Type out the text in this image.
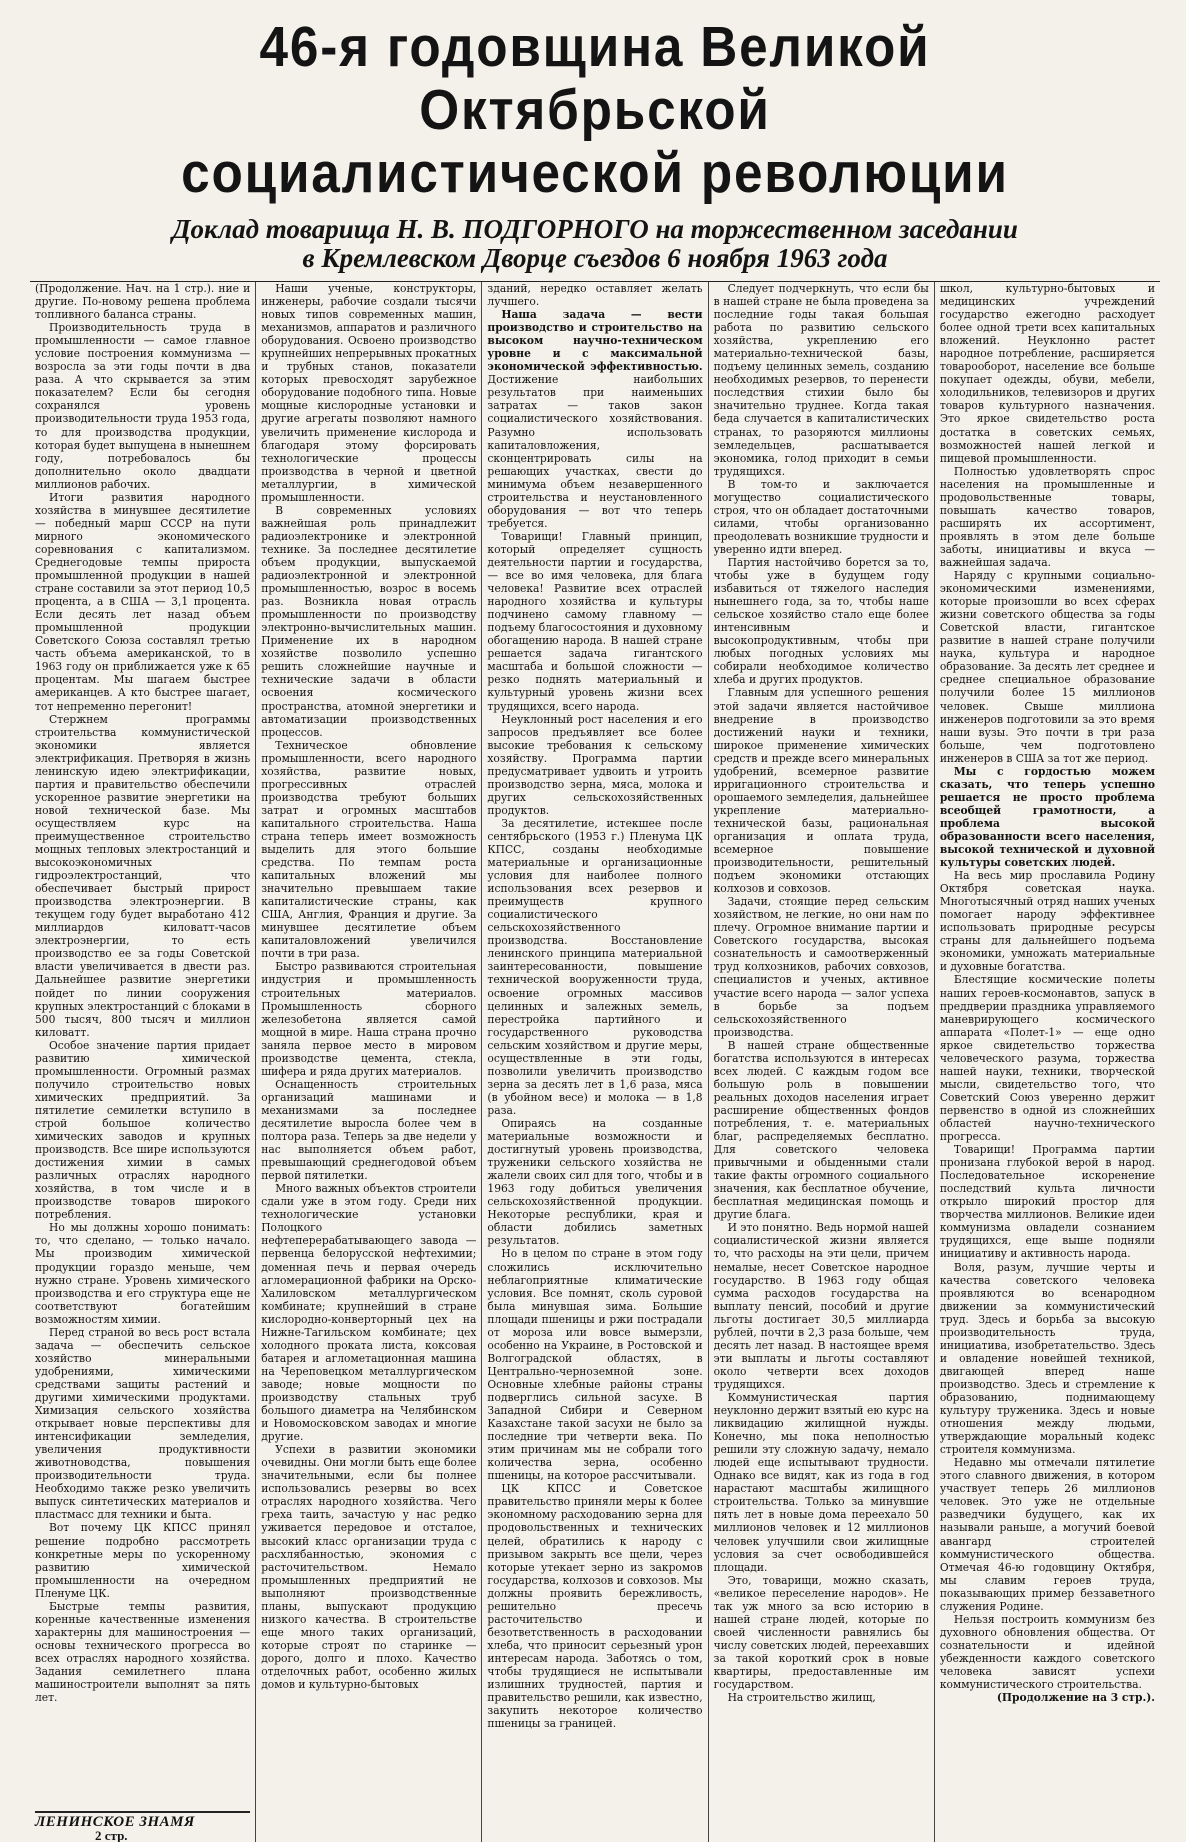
46-я годовщина Великой Октябрьской
социалистической революции
Доклад товарища Н. В. ПОДГОРНОГО на торжественном заседании
в Кремлевском Дворце съездов 6 ноября 1963 года

(Продолжение. Нач. на 1 стр.). ние и другие. По-новому решена проблема топливного баланса страны.

Производительность труда в промышленности — самое главное условие построения коммунизма — возросла за эти годы почти в два раза. А что скрывается за этим показателем? Если бы сегодня сохранялся уровень производительности труда 1953 года, то для производства продукции, которая будет выпущена в нынешнем году, потребовалось бы дополнительно около двадцати миллионов рабочих.

Итоги развития народного хозяйства в минувшее десятилетие — победный марш СССР на пути мирного экономического соревнования с капитализмом. Среднегодовые темпы прироста промышленной продукции в нашей стране составили за этот период 10,5 процента, а в США — 3,1 процента. Если десять лет назад объем промышленной продукции Советского Союза составлял третью часть объема американской, то в 1963 году он приближается уже к 65 процентам. Мы шагаем быстрее американцев. А кто быстрее шагает, тот непременно перегонит!

Стержнем программы строительства коммунистической экономики является электрификация. Претворяя в жизнь ленинскую идею электрификации, партия и правительство обеспечили ускоренное развитие энергетики на новой технической базе. Мы осуществляем курс на преимущественное строительство мощных тепловых электростанций и высокоэкономичных гидроэлектростанций, что обеспечивает быстрый прирост производства электроэнергии. В текущем году будет выработано 412 миллиардов киловатт-часов электроэнергии, то есть производство ее за годы Советской власти увеличивается в двести раз. Дальнейшее развитие энергетики пойдет по линии сооружения крупных электростанций с блоками в 500 тысяч, 800 тысяч и миллион киловатт.

Особое значение партия придает развитию химической промышленности. Огромный размах получило строительство новых химических предприятий. За пятилетие семилетки вступило в строй большое количество химических заводов и крупных производств. Все шире используются достижения химии в самых различных отраслях народного хозяйства, в том числе и в производстве товаров широкого потребления.

Но мы должны хорошо понимать: то, что сделано, — только начало. Мы производим химической продукции гораздо меньше, чем нужно стране. Уровень химического производства и его структура еще не соответствуют богатейшим возможностям химии.

Перед страной во весь рост встала задача — обеспечить сельское хозяйство минеральными удобрениями, химическими средствами защиты растений и другими химическими продуктами. Химизация сельского хозяйства открывает новые перспективы для интенсификации земледелия, увеличения продуктивности животноводства, повышения производительности труда. Необходимо также резко увеличить выпуск синтетических материалов и пластмасс для техники и быта.

Вот почему ЦК КПСС принял решение подробно рассмотреть конкретные меры по ускоренному развитию химической промышленности на очередном Пленуме ЦК.

Быстрые темпы развития, коренные качественные изменения характерны для машиностроения — основы технического прогресса во всех отраслях народного хозяйства. Задания семилетнего плана машиностроители выполнят за пять лет.

ЛЕНИНСКОЕ ЗНАМЯ
2 стр.

Наши ученые, конструкторы, инженеры, рабочие создали тысячи новых типов современных машин, механизмов, аппаратов и различного оборудования. Освоено производство крупнейших непрерывных прокатных и трубных станов, показатели которых превосходят зарубежное оборудование подобного типа. Новые мощные кислородные установки и другие агрегаты позволяют намного увеличить применение кислорода и благодаря этому форсировать технологические процессы производства в черной и цветной металлургии, в химической промышленности.

В современных условиях важнейшая роль принадлежит радиоэлектронике и электронной технике. За последнее десятилетие объем продукции, выпускаемой радиоэлектронной и электронной промышленностью, возрос в восемь раз. Возникла новая отрасль промышленности по производству электронно-вычислительных машин. Применение их в народном хозяйстве позволило успешно решить сложнейшие научные и технические задачи в области освоения космического пространства, атомной энергетики и автоматизации производственных процессов.

Техническое обновление промышленности, всего народного хозяйства, развитие новых, прогрессивных отраслей производства требуют больших затрат и огромных масштабов капитального строительства. Наша страна теперь имеет возможность выделить для этого большие средства. По темпам роста капитальных вложений мы значительно превышаем такие капиталистические страны, как США, Англия, Франция и другие. За минувшее десятилетие объем капиталовложений увеличился почти в три раза.

Быстро развиваются строительная индустрия и промышленность строительных материалов. Промышленность сборного железобетона является самой мощной в мире. Наша страна прочно заняла первое место в мировом производстве цемента, стекла, шифера и ряда других материалов.

Оснащенность строительных организаций машинами и механизмами за последнее десятилетие выросла более чем в полтора раза. Теперь за две недели у нас выполняется объем работ, превышающий среднегодовой объем первой пятилетки.

Много важных объектов строители сдали уже в этом году. Среди них технологические установки Полоцкого нефтеперерабатывающего завода — первенца белорусской нефтехимии; доменная печь и первая очередь агломерационной фабрики на Орско-Халиловском металлургическом комбинате; крупнейший в стране кислородно-конверторный цех на Нижне-Тагильском комбинате; цех холодного проката листа, коксовая батарея и аглометационная машина на Череповецком металлургическом заводе; новые мощности по производству стальных труб большого диаметра на Челябинском и Новомосковском заводах и многие другие.

Успехи в развитии экономики очевидны. Они могли быть еще более значительными, если бы полнее использовались резервы во всех отраслях народного хозяйства. Чего греха таить, зачастую у нас редко уживается передовое и отсталое, высокий класс организации труда с расхлябанностью, экономия с расточительством. Немало промышленных предприятий не выполняют производственные планы, выпускают продукцию низкого качества. В строительстве еще много таких организаций, которые строят по старинке — дорого, долго и плохо. Качество отделочных работ, особенно жилых домов и культурно-бытовых

зданий, нередко оставляет желать лучшего.

Наша задача — вести производство и строительство на высоком научно-техническом уровне и с максимальной экономической эффективностью. Достижение наибольших результатов при наименьших затратах — таков закон социалистического хозяйствования. Разумно использовать капиталовложения, сконцентрировать силы на решающих участках, свести до минимума объем незавершенного строительства и неустановленного оборудования — вот что теперь требуется.

Товарищи! Главный принцип, который определяет сущность деятельности партии и государства, — все во имя человека, для блага человека! Развитие всех отраслей народного хозяйства и культуры подчинено самому главному — подъему благосостояния и духовному обогащению народа. В нашей стране решается задача гигантского масштаба и большой сложности — резко поднять материальный и культурный уровень жизни всех трудящихся, всего народа.

Неуклонный рост населения и его запросов предъявляет все более высокие требования к сельскому хозяйству. Программа партии предусматривает удвоить и утроить производство зерна, мяса, молока и других сельскохозяйственных продуктов.

За десятилетие, истекшее после сентябрьского (1953 г.) Пленума ЦК КПСС, созданы необходимые материальные и организационные условия для наиболее полного использования всех резервов и преимуществ крупного социалистического сельскохозяйственного производства. Восстановление ленинского принципа материальной заинтересованности, повышение технической вооруженности труда, освоение огромных массивов целинных и залежных земель, перестройка партийного и государственного руководства сельским хозяйством и другие меры, осуществленные в эти годы, позволили увеличить производство зерна за десять лет в 1,6 раза, мяса (в убойном весе) и молока — в 1,8 раза.

Опираясь на созданные материальные возможности и достигнутый уровень производства, труженики сельского хозяйства не жалели своих сил для того, чтобы и в 1963 году добиться увеличения сельскохозяйственной продукции. Некоторые республики, края и области добились заметных результатов.

Но в целом по стране в этом году сложились исключительно неблагоприятные климатические условия. Все помнят, сколь суровой была минувшая зима. Большие площади пшеницы и ржи пострадали от мороза или вовсе вымерзли, особенно на Украине, в Ростовской и Волгоградской областях, в Центрально-черноземной зоне. Основные хлебные районы страны подверглись сильной засухе. В Западной Сибири и Северном Казахстане такой засухи не было за последние три четверти века. По этим причинам мы не собрали того количества зерна, особенно пшеницы, на которое рассчитывали.

ЦК КПСС и Советское правительство приняли меры к более экономному расходованию зерна для продовольственных и технических целей, обратились к народу с призывом закрыть все щели, через которые утекает зерно из закромов государства, колхозов и совхозов. Мы должны проявить бережливость, решительно пресечь расточительство и безответственность в расходовании хлеба, что приносит серьезный урон интересам народа. Заботясь о том, чтобы трудящиеся не испытывали излишних трудностей, партия и правительство решили, как известно, закупить некоторое количество пшеницы за границей.

Следует подчеркнуть, что если бы в нашей стране не была проведена за последние годы такая большая работа по развитию сельского хозяйства, укреплению его материально-технической базы, подъему целинных земель, созданию необходимых резервов, то перенести последствия стихии было бы значительно труднее. Когда такая беда случается в капиталистических странах, то разоряются миллионы земледельцев, расшатывается экономика, голод приходит в семьи трудящихся.

В том-то и заключается могущество социалистического строя, что он обладает достаточными силами, чтобы организованно преодолевать возникшие трудности и уверенно идти вперед.

Партия настойчиво борется за то, чтобы уже в будущем году избавиться от тяжелого наследия нынешнего года, за то, чтобы наше сельское хозяйство стало еще более интенсивным и высокопродуктивным, чтобы при любых погодных условиях мы собирали необходимое количество хлеба и других продуктов.

Главным для успешного решения этой задачи является настойчивое внедрение в производство достижений науки и техники, широкое применение химических средств и прежде всего минеральных удобрений, всемерное развитие ирригационного строительства и орошаемого земледелия, дальнейшее укрепление материально-технической базы, рациональная организация и оплата труда, всемерное повышение производительности, решительный подъем экономики отстающих колхозов и совхозов.

Задачи, стоящие перед сельским хозяйством, не легкие, но они нам по плечу. Огромное внимание партии и Советского государства, высокая сознательность и самоотверженный труд колхозников, рабочих совхозов, специалистов и ученых, активное участие всего народа — залог успеха в борьбе за подъем сельскохозяйственного производства.

В нашей стране общественные богатства используются в интересах всех людей. С каждым годом все большую роль в повышении реальных доходов населения играет расширение общественных фондов потребления, т. е. материальных благ, распределяемых бесплатно. Для советского человека привычными и обыденными стали такие факты огромного социального значения, как бесплатное обучение, бесплатная медицинская помощь и другие блага.

И это понятно. Ведь нормой нашей социалистической жизни является то, что расходы на эти цели, причем немалые, несет Советское народное государство. В 1963 году общая сумма расходов государства на выплату пенсий, пособий и другие льготы достигает 30,5 миллиарда рублей, почти в 2,3 раза больше, чем десять лет назад. В настоящее время эти выплаты и льготы составляют около четверти всех доходов трудящихся.

Коммунистическая партия неуклонно держит взятый ею курс на ликвидацию жилищной нужды. Конечно, мы пока неполностью решили эту сложную задачу, немало людей еще испытывают трудности. Однако все видят, как из года в год нарастают масштабы жилищного строительства. Только за минувшие пять лет в новые дома переехало 50 миллионов человек и 12 миллионов человек улучшили свои жилищные условия за счет освободившейся площади.

Это, товарищи, можно сказать, «великое переселение народов». Не так уж много за всю историю в нашей стране людей, которые по своей численности равнялись бы числу советских людей, переехавших за такой короткий срок в новые квартиры, предоставленные им государством.

На строительство жилищ,

школ, культурно-бытовых и медицинских учреждений государство ежегодно расходует более одной трети всех капитальных вложений. Неуклонно растет народное потребление, расширяется товарооборот, население все больше покупает одежды, обуви, мебели, холодильников, телевизоров и других товаров культурного назначения. Это яркое свидетельство роста достатка в советских семьях, возможностей нашей легкой и пищевой промышленности.

Полностью удовлетворять спрос населения на промышленные и продовольственные товары, повышать качество товаров, расширять их ассортимент, проявлять в этом деле больше заботы, инициативы и вкуса — важнейшая задача.

Наряду с крупными социально-экономическими изменениями, которые произошли во всех сферах жизни советского общества за годы Советской власти, гигантское развитие в нашей стране получили наука, культура и народное образование. За десять лет среднее и среднее специальное образование получили более 15 миллионов человек. Свыше миллиона инженеров подготовили за это время наши вузы. Это почти в три раза больше, чем подготовлено инженеров в США за тот же период.

Мы с гордостью можем сказать, что теперь успешно решается не просто проблема всеобщей грамотности, а проблема высокой образованности всего населения, высокой технической и духовной культуры советских людей.

На весь мир прославила Родину Октября советская наука. Многотысячный отряд наших ученых помогает народу эффективнее использовать природные ресурсы страны для дальнейшего подъема экономики, умножать материальные и духовные богатства.

Блестящие космические полеты наших героев-космонавтов, запуск в преддверии праздника управляемого маневрирующего космического аппарата «Полет-1» — еще одно яркое свидетельство торжества человеческого разума, торжества нашей науки, техники, творческой мысли, свидетельство того, что Советский Союз уверенно держит первенство в одной из сложнейших областей научно-технического прогресса.

Товарищи! Программа партии пронизана глубокой верой в народ. Последовательное искоренение последствий культа личности открыло широкий простор для творчества миллионов. Великие идеи коммунизма овладели сознанием трудящихся, еще выше подняли инициативу и активность народа.

Воля, разум, лучшие черты и качества советского человека проявляются во всенародном движении за коммунистический труд. Здесь и борьба за высокую производительность труда, инициатива, изобретательство. Здесь и овладение новейшей техникой, двигающей вперед наше производство. Здесь и стремление к образованию, поднимающему культуру труженика. Здесь и новые отношения между людьми, утверждающие моральный кодекс строителя коммунизма.

Недавно мы отмечали пятилетие этого славного движения, в котором участвует теперь 26 миллионов человек. Это уже не отдельные разведчики будущего, как их называли раньше, а могучий боевой авангард строителей коммунистического общества. Отмечая 46-ю годовщину Октября, мы славим героев труда, показывающих пример беззаветного служения Родине.

Нельзя построить коммунизм без духовного обновления общества. От сознательности и идейной убежденности каждого советского человека зависят успехи коммунистического строительства.

(Продолжение на 3 стр.).
